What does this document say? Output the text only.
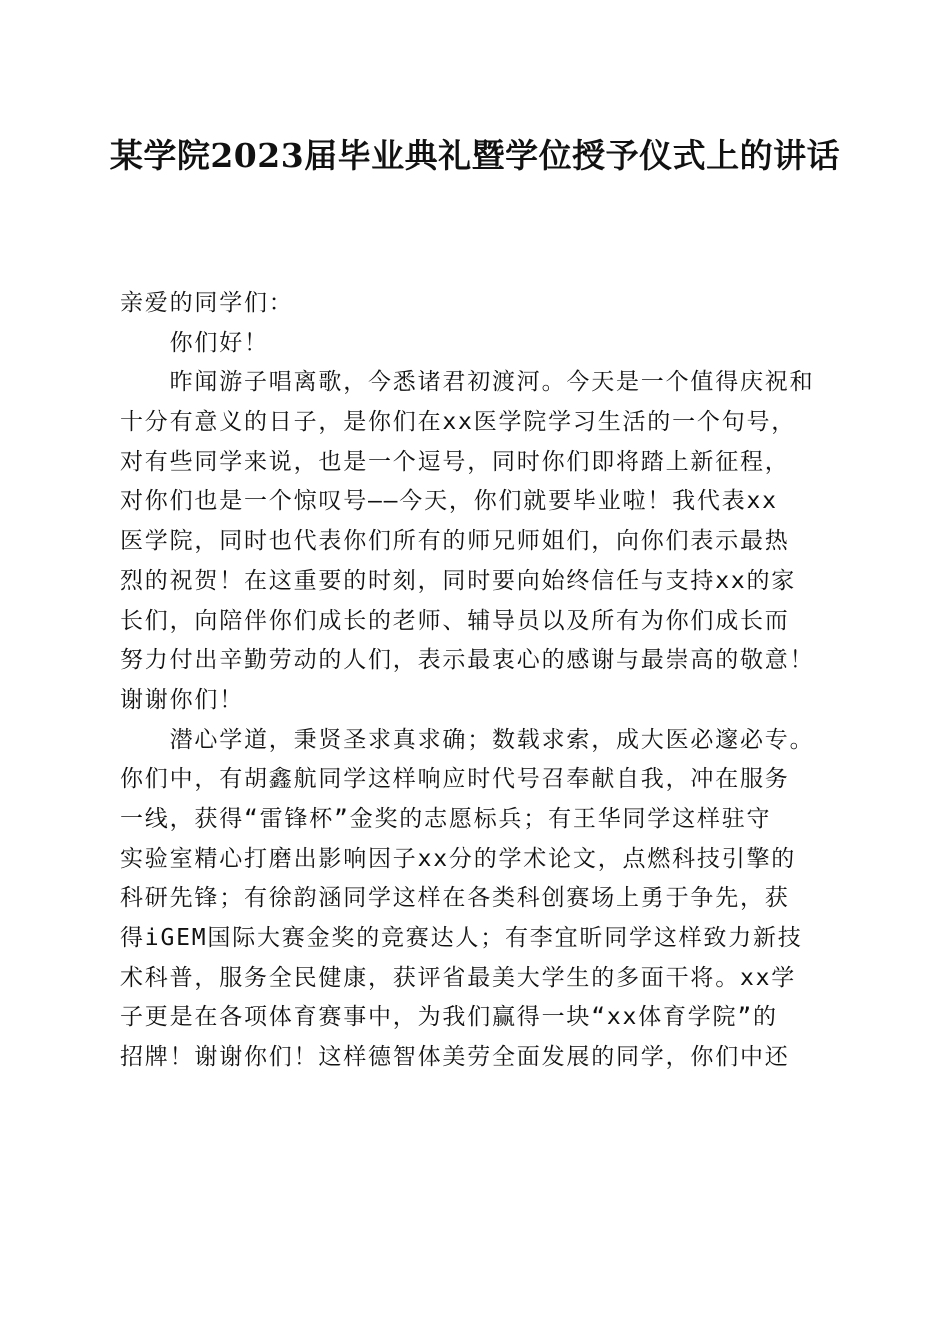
某学院2023届毕业典礼暨学位授予仪式上的讲话
亲爱的同学们：
　　你们好！
　　昨闻游子唱离歌，今悉诸君初渡河。今天是一个值得庆祝和
十分有意义的日子，是你们在xx医学院学习生活的一个句号，
对有些同学来说，也是一个逗号，同时你们即将踏上新征程，
对你们也是一个惊叹号——今天，你们就要毕业啦！我代表xx
医学院，同时也代表你们所有的师兄师姐们，向你们表示最热
烈的祝贺！在这重要的时刻，同时要向始终信任与支持xx的家
长们，向陪伴你们成长的老师、辅导员以及所有为你们成长而
努力付出辛勤劳动的人们，表示最衷心的感谢与最崇高的敬意！
谢谢你们！
　　潜心学道，秉贤圣求真求确；数载求索，成大医必邃必专。
你们中，有胡鑫航同学这样响应时代号召奉献自我，冲在服务
一线，获得“雷锋杯”金奖的志愿标兵；有王华同学这样驻守
实验室精心打磨出影响因子xx分的学术论文，点燃科技引擎的
科研先锋；有徐韵涵同学这样在各类科创赛场上勇于争先，获
得iGEM国际大赛金奖的竞赛达人；有李宜昕同学这样致力新技
术科普，服务全民健康，获评省最美大学生的多面干将。xx学
子更是在各项体育赛事中，为我们赢得一块“xx体育学院”的
招牌！谢谢你们！这样德智体美劳全面发展的同学，你们中还
